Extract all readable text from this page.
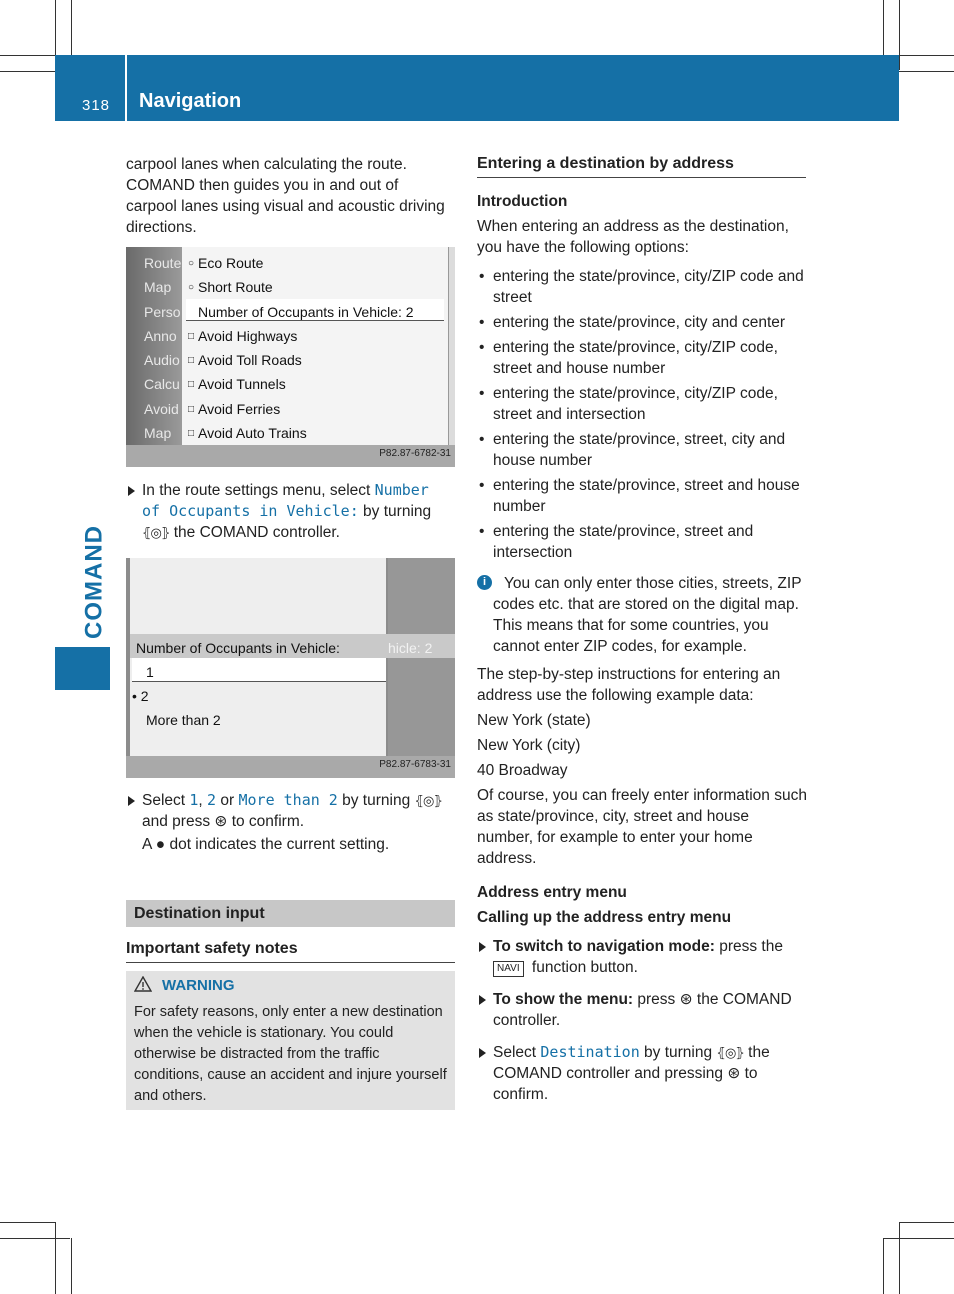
318 Navigation
COMAND

carpool lanes when calculating the route. COMAND then guides you in and out of carpool lanes using visual and acoustic driving directions.

Route
Map
Perso
Anno
Audio
Calcu
Avoid
Map
○ Eco Route
○ Short Route
Number of Occupants in Vehicle: 2
□ Avoid Highways
□ Avoid Toll Roads
□ Avoid Tunnels
□ Avoid Ferries
□ Avoid Auto Trains
P82.87-6782-31

In the route settings menu, select Number of Occupants in Vehicle: by turning ⦃◎⦄ the COMAND controller.

Number of Occupants in Vehicle:	hicle: 2
1
• 2
More than 2
P82.87-6783-31

Select 1, 2 or More than 2 by turning ⦃◎⦄ and press ⊛ to confirm.

A ● dot indicates the current setting.

Destination input

Important safety notes

WARNING

For safety reasons, only enter a new destination when the vehicle is stationary. You could otherwise be distracted from the traffic conditions, cause an accident and injure yourself and others.

Entering a destination by address

Introduction

When entering an address as the destination, you have the following options:

• entering the state/province, city/ZIP code and street

• entering the state/province, city and center

• entering the state/province, city/ZIP code, street and house number

• entering the state/province, city/ZIP code, street and intersection

• entering the state/province, street, city and house number

• entering the state/province, street and house number

• entering the state/province, street and intersection

i	You can only enter those cities, streets, ZIP codes etc. that are stored on the digital map. This means that for some countries, you cannot enter ZIP codes, for example.

The step-by-step instructions for entering an address use the following example data:

New York (state)

New York (city)

40 Broadway

Of course, you can freely enter information such as state/province, city, street and house number, for example to enter your home address.

Address entry menu

Calling up the address entry menu

To switch to navigation mode: press the NAVI function button.

To show the menu: press ⊛ the COMAND controller.

Select Destination by turning ⦃◎⦄ the COMAND controller and pressing ⊛ to confirm.
